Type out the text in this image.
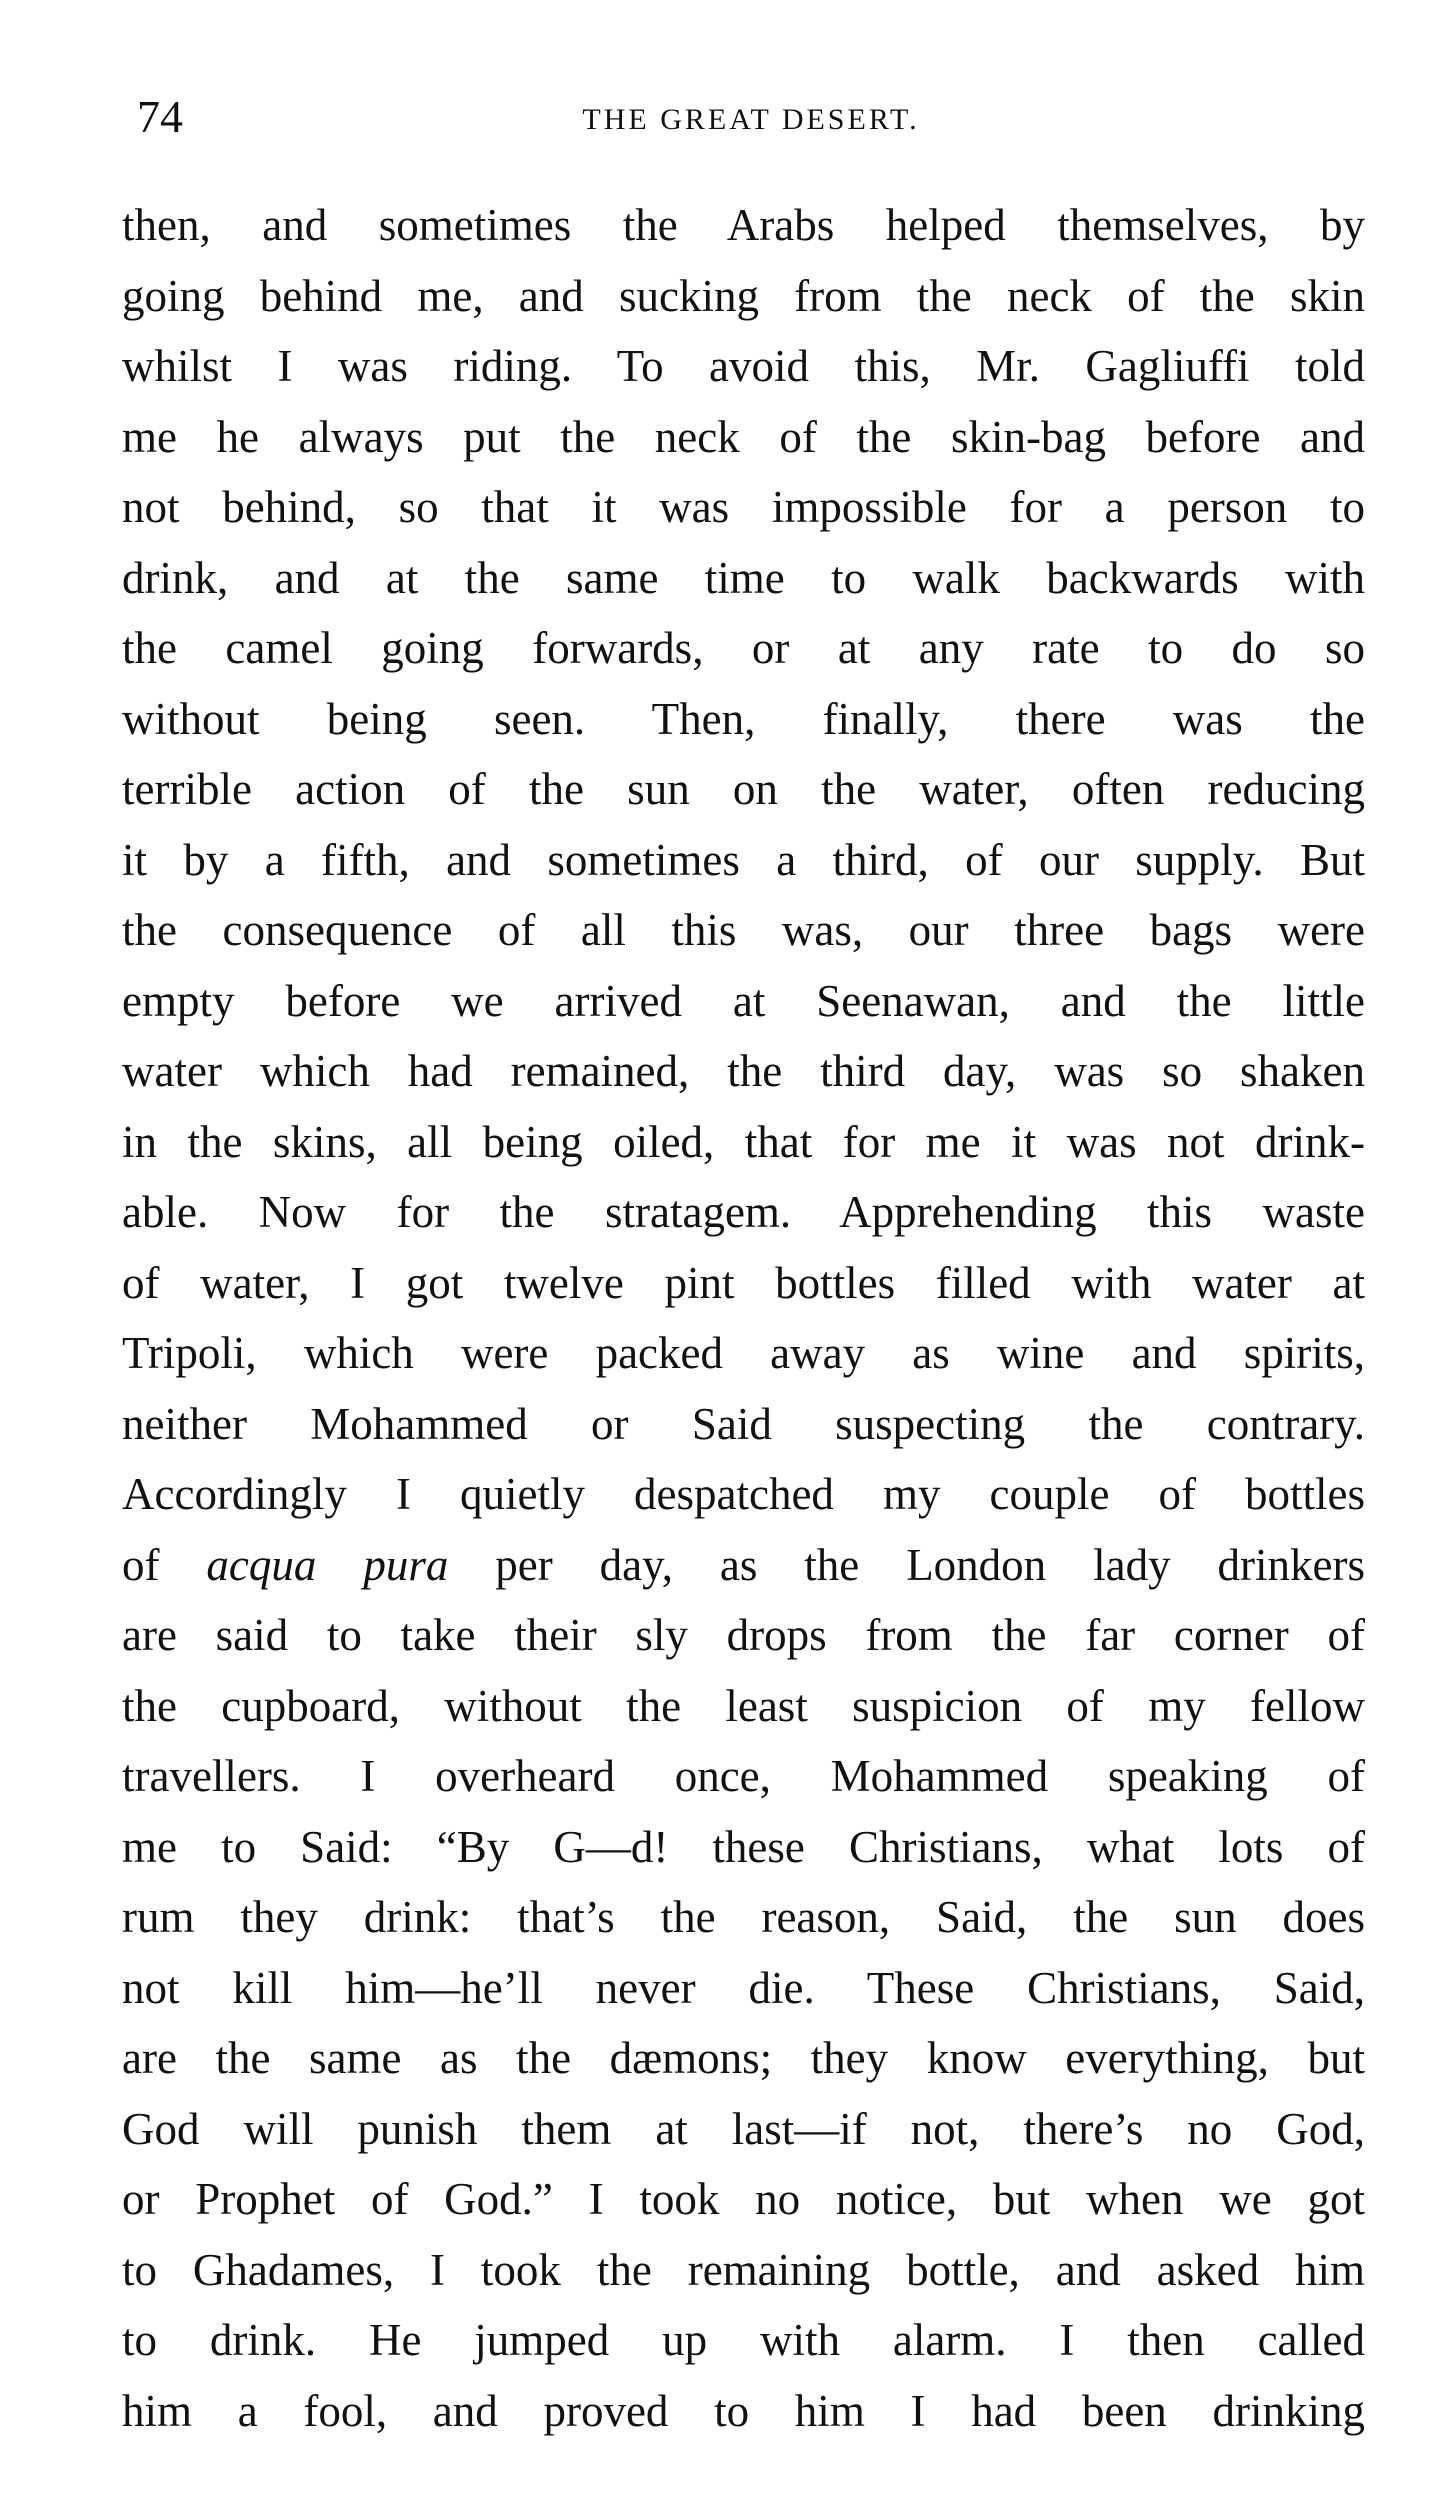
74	THE GREAT DESERT.
then, and sometimes the Arabs helped themselves, by
going behind me, and sucking from the neck of the skin
whilst I was riding. To avoid this, Mr. Gagliuffi told
me he always put the neck of the skin-bag before and
not behind, so that it was impossible for a person to
drink, and at the same time to walk backwards with
the camel going forwards, or at any rate to do so
without being seen. Then, finally, there was the
terrible action of the sun on the water, often reducing
it by a fifth, and sometimes a third, of our supply. But
the consequence of all this was, our three bags were
empty before we arrived at Seenawan, and the little
water which had remained, the third day, was so shaken
in the skins, all being oiled, that for me it was not drink-
able. Now for the stratagem. Apprehending this waste
of water, I got twelve pint bottles filled with water at
Tripoli, which were packed away as wine and spirits,
neither Mohammed or Said suspecting the contrary.
Accordingly I quietly despatched my couple of bottles
of acqua pura per day, as the London lady drinkers
are said to take their sly drops from the far corner of
the cupboard, without the least suspicion of my fellow
travellers. I overheard once, Mohammed speaking of
me to Said: “By G—d! these Christians, what lots of
rum they drink: that’s the reason, Said, the sun does
not kill him—he’ll never die. These Christians, Said,
are the same as the dæmons; they know everything, but
God will punish them at last—if not, there’s no God,
or Prophet of God.” I took no notice, but when we got
to Ghadames, I took the remaining bottle, and asked him
to drink. He jumped up with alarm. I then called
him a fool, and proved to him I had been drinking
